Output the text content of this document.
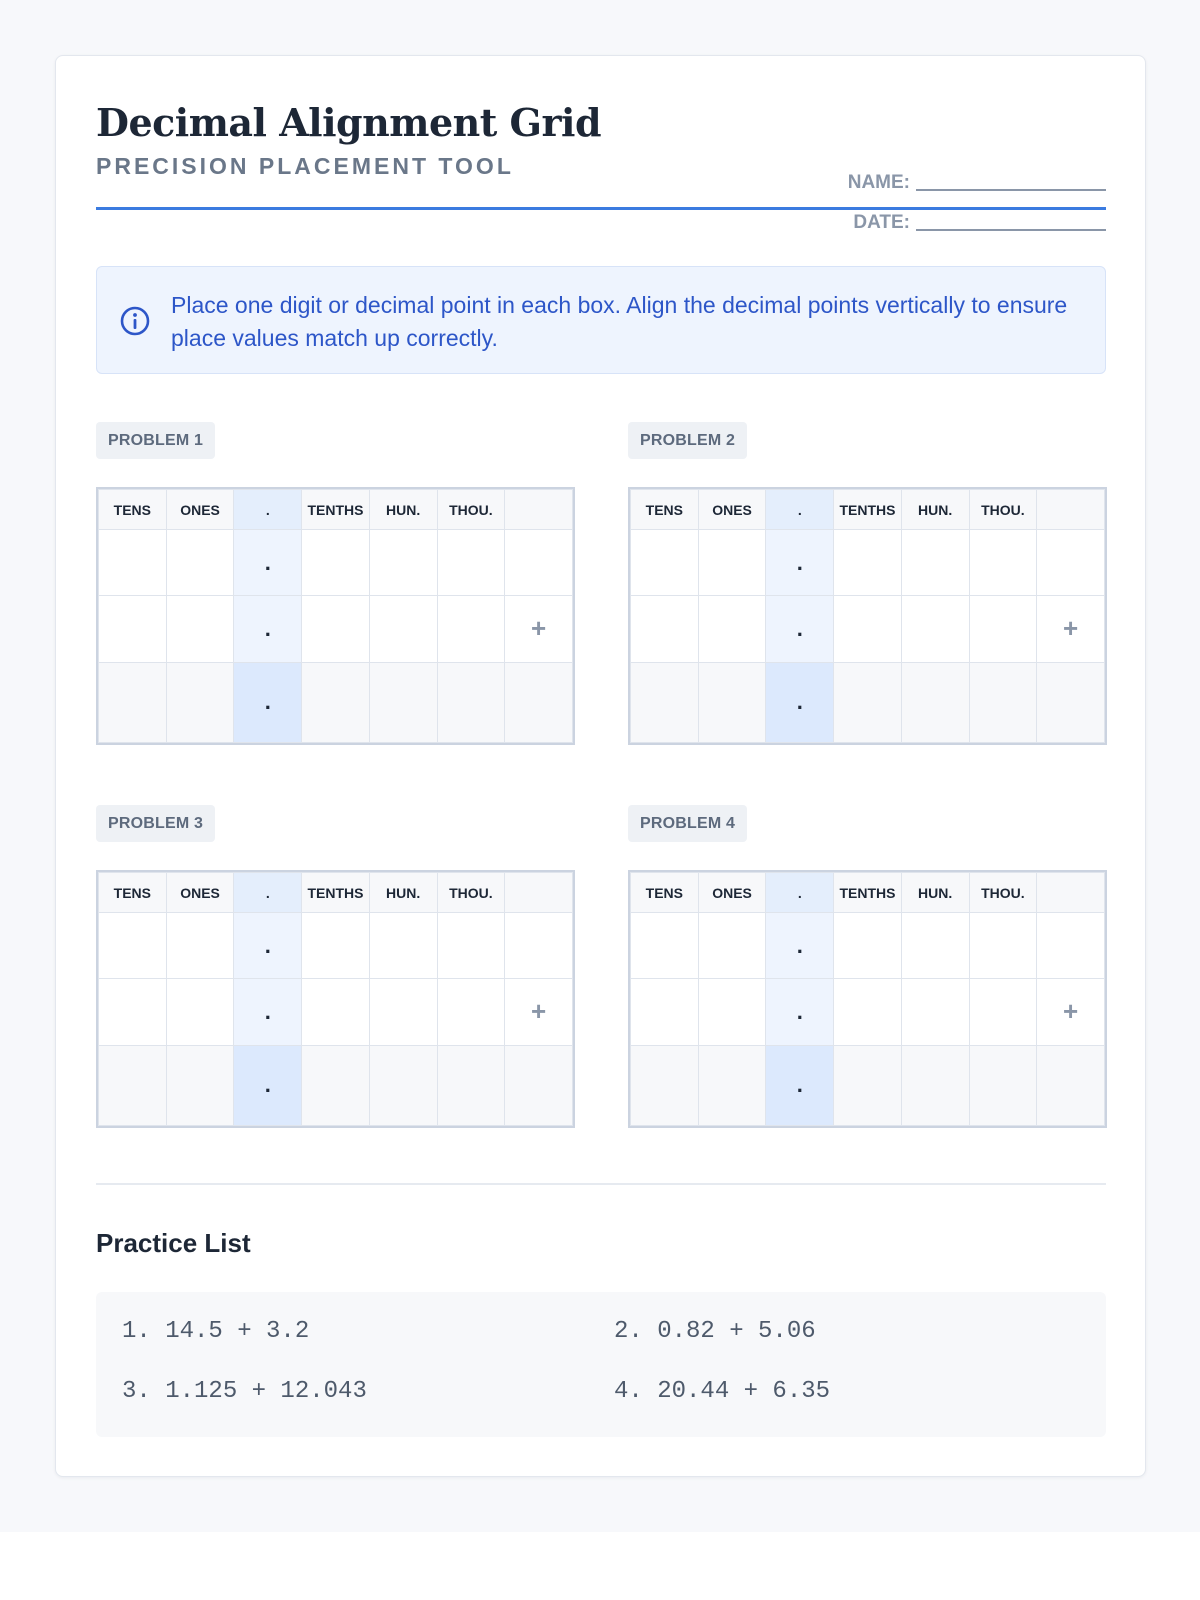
Decimal Alignment Grid
PRECISION PLACEMENT TOOL
NAME:
DATE:
Place one digit or decimal point in each box. Align the decimal points vertically to ensure place values match up correctly.
PROBLEM 1
TENS	ONES	.	TENTHS	HUN.	THOU.	
		.				
		.				+
		.				
PROBLEM 2
TENS	ONES	.	TENTHS	HUN.	THOU.	
		.				
		.				+
		.				
PROBLEM 3
TENS	ONES	.	TENTHS	HUN.	THOU.	
		.				
		.				+
		.				
PROBLEM 4
TENS	ONES	.	TENTHS	HUN.	THOU.	
		.				
		.				+
		.				
Practice List
1. 14.5 + 3.2	2. 0.82 + 5.06
3. 1.125 + 12.043	4. 20.44 + 6.35
